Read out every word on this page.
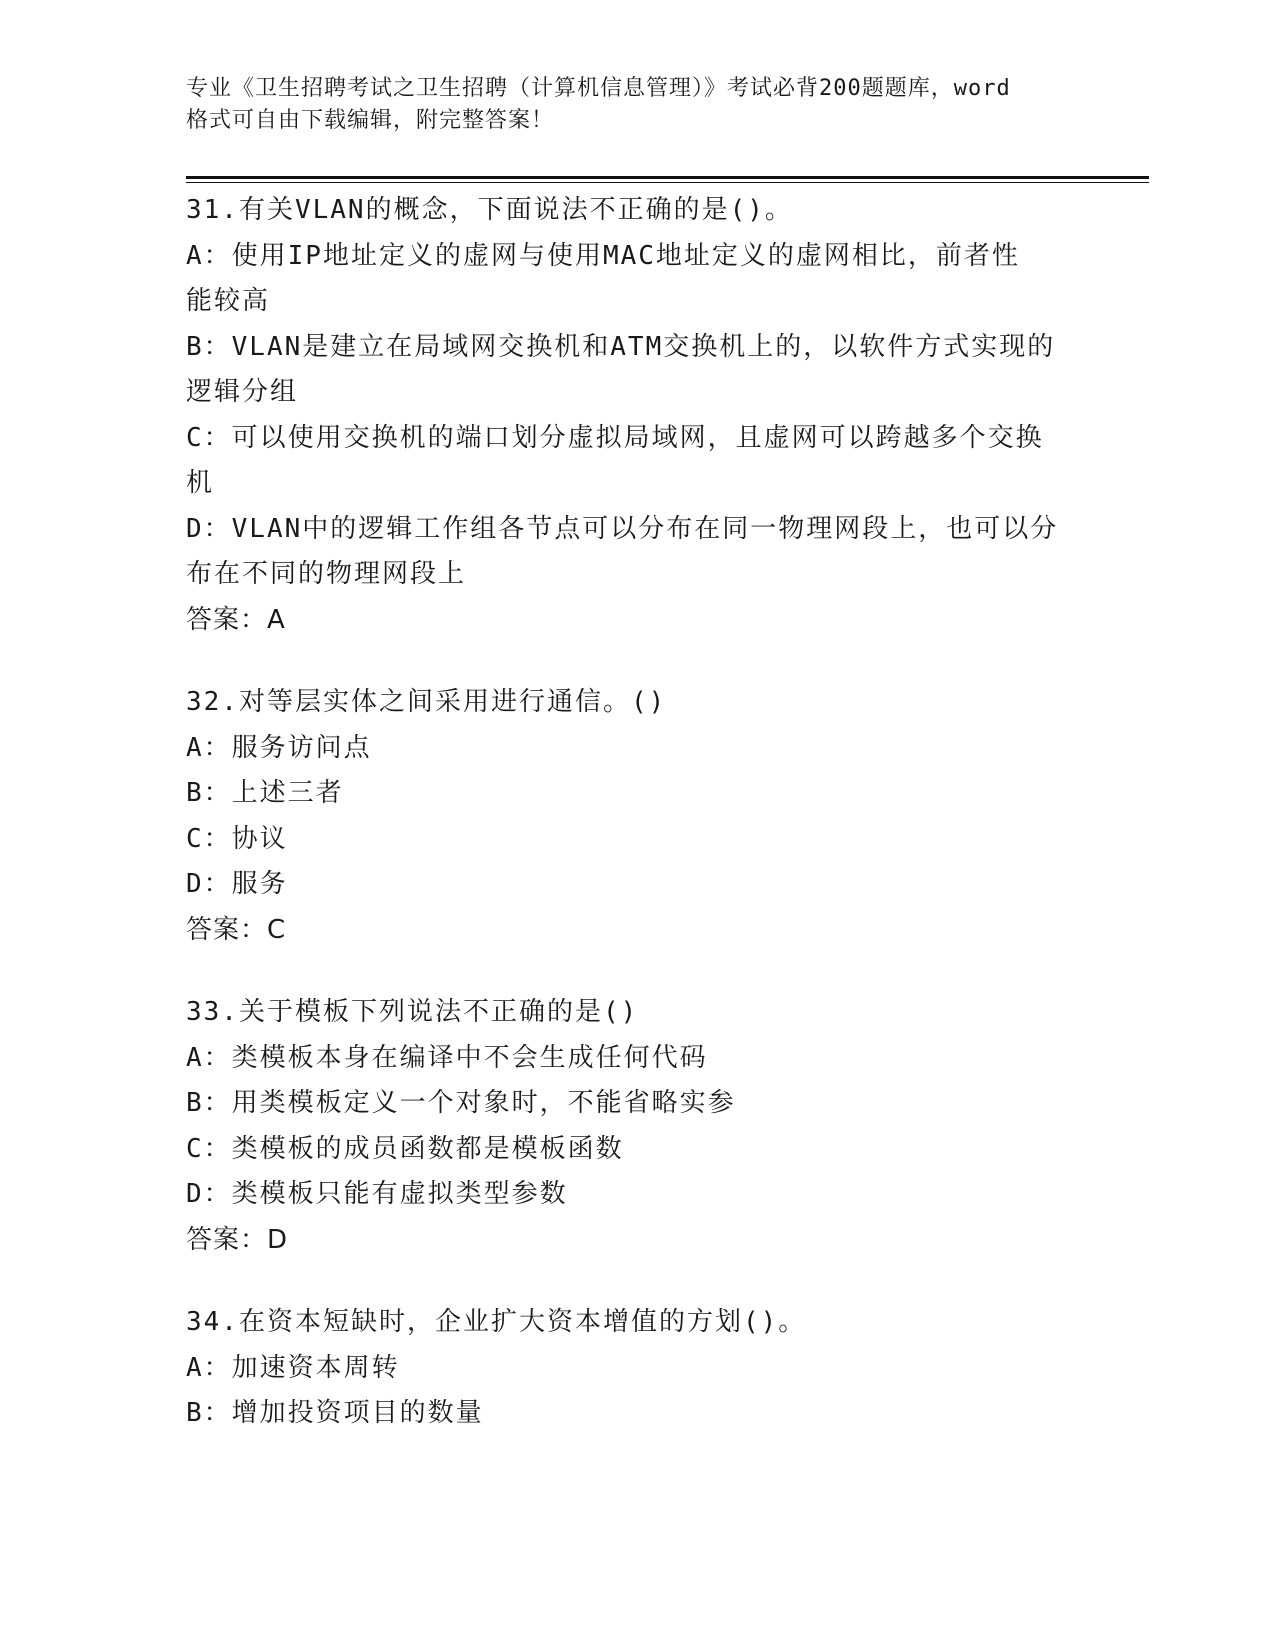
专业《卫生招聘考试之卫生招聘（计算机信息管理）》考试必背200题题库，word
格式可自由下载编辑，附完整答案！
31.有关VLAN的概念，下面说法不正确的是()。
A：使用IP地址定义的虚网与使用MAC地址定义的虚网相比，前者性
能较高
B：VLAN是建立在局域网交换机和ATM交换机上的，以软件方式实现的
逻辑分组
C：可以使用交换机的端口划分虚拟局域网，且虚网可以跨越多个交换
机
D：VLAN中的逻辑工作组各节点可以分布在同一物理网段上，也可以分
布在不同的物理网段上
答案：A
32.对等层实体之间采用进行通信。()
A：服务访问点
B：上述三者
C：协议
D：服务
答案：C
33.关于模板下列说法不正确的是()
A：类模板本身在编译中不会生成任何代码
B：用类模板定义一个对象时，不能省略实参
C：类模板的成员函数都是模板函数
D：类模板只能有虚拟类型参数
答案：D
34.在资本短缺时，企业扩大资本增值的方划()。
A：加速资本周转
B：增加投资项目的数量
